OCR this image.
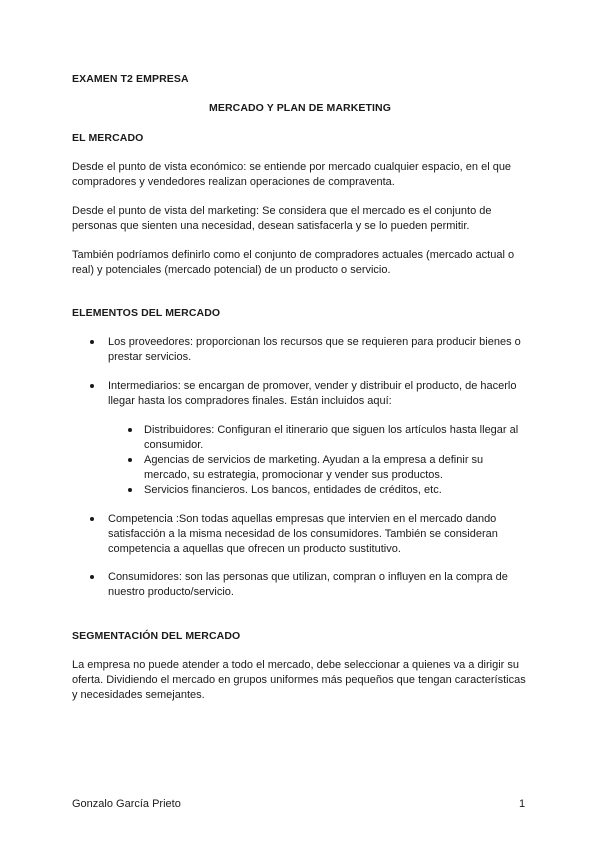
EXAMEN T2 EMPRESA
MERCADO Y PLAN DE MARKETING
EL MERCADO
Desde el punto de vista económico: se entiende por mercado cualquier espacio, en el que compradores y vendedores realizan operaciones de compraventa.
Desde el punto de vista del marketing: Se considera que el mercado es el conjunto de personas que sienten una necesidad, desean satisfacerla y se lo pueden permitir.
También podríamos definirlo como el conjunto de compradores actuales (mercado actual o real) y potenciales (mercado potencial) de un producto o servicio.
ELEMENTOS DEL MERCADO
Los proveedores: proporcionan los recursos que se requieren para producir bienes o prestar servicios.
Intermediarios: se encargan de promover, vender y distribuir el producto, de hacerlo llegar hasta los compradores finales. Están incluidos aquí:
Distribuidores: Configuran el itinerario que siguen los artículos hasta llegar al consumidor.
Agencias de servicios de marketing. Ayudan a la empresa a definir su mercado, su estrategia, promocionar y vender sus productos.
Servicios financieros. Los bancos, entidades de créditos, etc.
Competencia :Son todas aquellas empresas que intervien en el mercado dando satisfacción a la misma necesidad de los consumidores. También se consideran competencia a aquellas que ofrecen un producto sustitutivo.
Consumidores: son las personas que utilizan, compran o influyen en la compra de nuestro producto/servicio.
SEGMENTACIÓN DEL MERCADO
La empresa no puede atender a todo el mercado, debe seleccionar a quienes va a dirigir su oferta. Dividiendo el mercado en grupos uniformes más pequeños que tengan características y necesidades semejantes.
Gonzalo García Prieto	1
